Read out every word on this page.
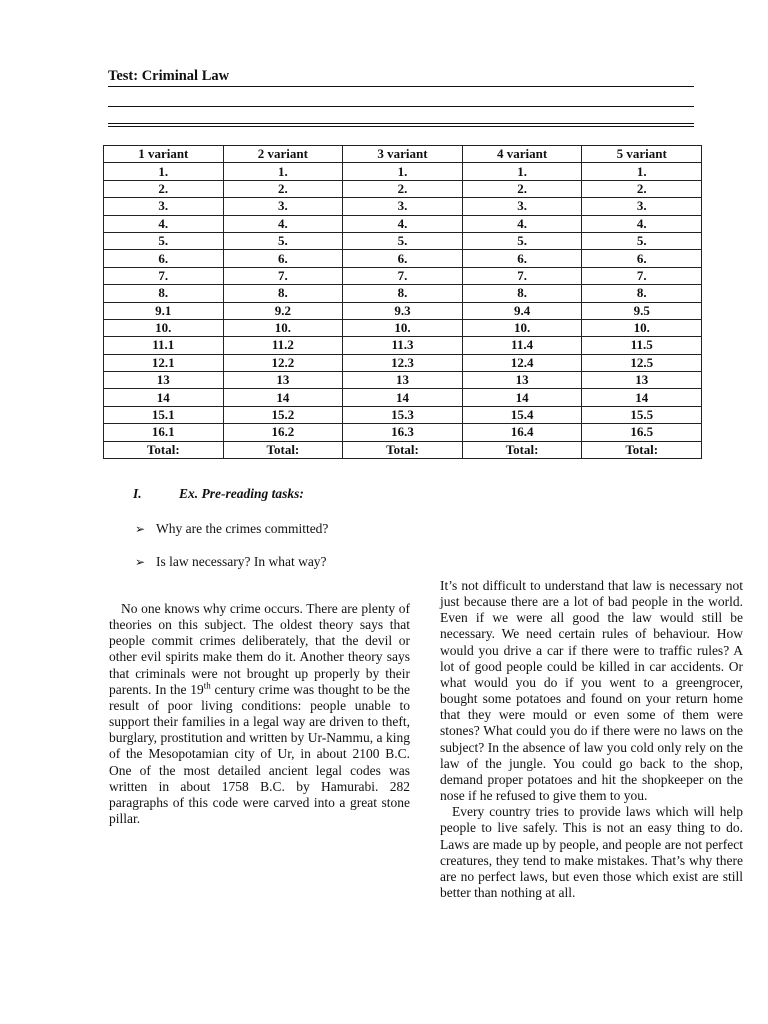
Test: Criminal Law
1 variant	2 variant	3 variant	4 variant	5 variant
1.	1.	1.	1.	1.
2.	2.	2.	2.	2.
3.	3.	3.	3.	3.
4.	4.	4.	4.	4.
5.	5.	5.	5.	5.
6.	6.	6.	6.	6.
7.	7.	7.	7.	7.
8.	8.	8.	8.	8.
9.1	9.2	9.3	9.4	9.5
10.	10.	10.	10.	10.
11.1	11.2	11.3	11.4	11.5
12.1	12.2	12.3	12.4	12.5
13	13	13	13	13
14	14	14	14	14
15.1	15.2	15.3	15.4	15.5
16.1	16.2	16.3	16.4	16.5
Total:	Total:	Total:	Total:	Total:
I.	Ex. Pre-reading tasks:
➢ Why are the crimes committed?
➢ Is law necessary? In what way?

No one knows why crime occurs. There are plenty of theories on this subject. The oldest theory says that people commit crimes deliberately, that the devil or other evil spirits make them do it. Another theory says that criminals were not brought up properly by their parents. In the 19th century crime was thought to be the result of poor living conditions: people unable to support their families in a legal way are driven to theft, burglary, prostitution and written by Ur-Nammu, a king of the Mesopotamian city of Ur, in about 2100 B.C. One of the most detailed ancient legal codes was written in about 1758 B.C. by Hamurabi. 282 paragraphs of this code were carved into a great stone pillar.

It’s not difficult to understand that law is necessary not just because there are a lot of bad people in the world. Even if we were all good the law would still be necessary. We need certain rules of behaviour. How would you drive a car if there were to traffic rules? A lot of good people could be killed in car accidents. Or what would you do if you went to a greengrocer, bought some potatoes and found on your return home that they were mould or even some of them were stones? What could you do if there were no laws on the subject? In the absence of law you cold only rely on the law of the jungle. You could go back to the shop, demand proper potatoes and hit the shopkeeper on the nose if he refused to give them to you.

Every country tries to provide laws which will help people to live safely. This is not an easy thing to do. Laws are made up by people, and people are not perfect creatures, they tend to make mistakes. That’s why there are no perfect laws, but even those which exist are still better than nothing at all.
